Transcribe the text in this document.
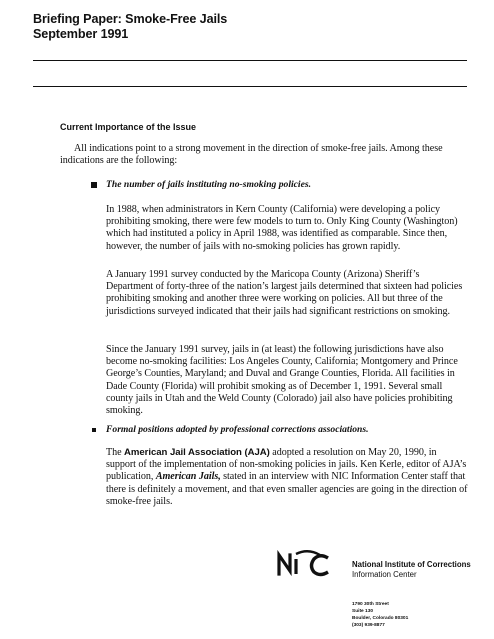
Briefing Paper: Smoke-Free Jails
September 1991
Current Importance of the Issue
All indications point to a strong movement in the direction of smoke-free jails. Among these indications are the following:
The number of jails instituting no-smoking policies.
In 1988, when administrators in Kern County (California) were developing a policy prohibiting smoking, there were few models to turn to. Only King County (Washington) which had instituted a policy in April 1988, was identified as comparable. Since then, however, the number of jails with no-smoking policies has grown rapidly.
A January 1991 survey conducted by the Maricopa County (Arizona) Sheriff’s Department of forty-three of the nation’s largest jails determined that sixteen had policies prohibiting smoking and another three were working on policies. All but three of the jurisdictions surveyed indicated that their jails had significant restrictions on smoking.
Since the January 1991 survey, jails in (at least) the following jurisdictions have also become no-smoking facilities: Los Angeles County, California; Montgomery and Prince George’s Counties, Maryland; and Duval and Grange Counties, Florida. All facilities in Dade County (Florida) will prohibit smoking as of December 1, 1991. Several small county jails in Utah and the Weld County (Colorado) jail also have policies prohibiting smoking.
Formal positions adopted by professional corrections associations.
The American Jail Association (AJA) adopted a resolution on May 20, 1990, in support of the implementation of non-smoking policies in jails. Ken Kerle, editor of AJA’s publication, American Jails, stated in an interview with NIC Information Center staff that there is definitely a movement, and that even smaller agencies are going in the direction of smoke-free jails.
National Institute of Corrections
Information Center
1790 30th Street
Suite 130
Boulder, Colorado 80301
(303) 939-8877
